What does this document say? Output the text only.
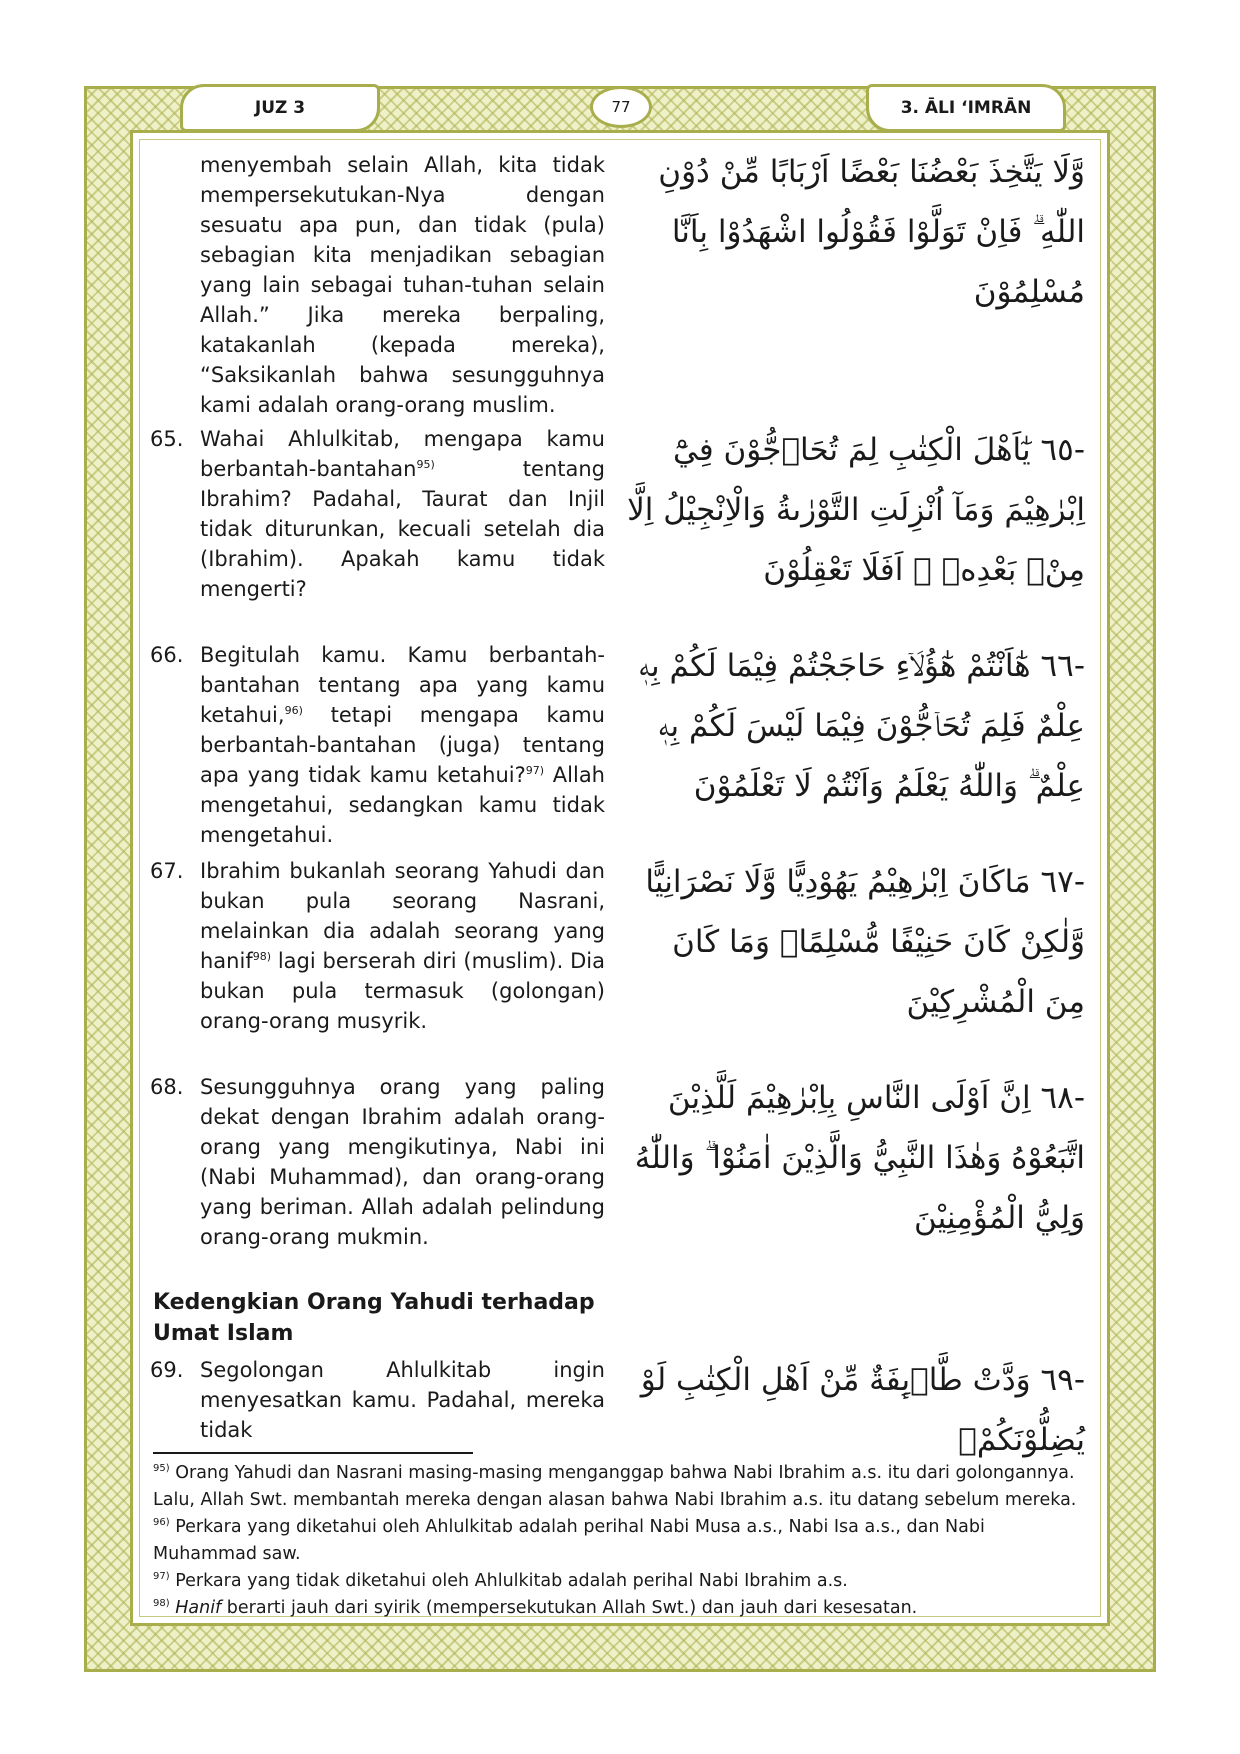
JUZ 3	77	3. ĀLI ‘IMRĀN
menyembah selain Allah, kita tidak mempersekutukan-Nya dengan sesuatu apa pun, dan tidak (pula) sebagian kita menjadikan sebagian yang lain sebagai tuhan-tuhan selain Allah.” Jika mereka berpaling, katakanlah (kepada mereka), “Saksikanlah bahwa sesungguhnya kami adalah orang-orang muslim.
وَّلَا يَتَّخِذَ بَعْضُنَا بَعْضًا اَرْبَابًا مِّنْ دُوْنِ اللّٰهِ ۗ فَاِنْ تَوَلَّوْا فَقُوْلُوا اشْهَدُوْا بِاَنَّا مُسْلِمُوْنَ
65. Wahai Ahlulkitab, mengapa kamu berbantah-bantahan$^{95)}$ tentang Ibrahim? Padahal, Taurat dan Injil tidak diturunkan, kecuali setelah dia (Ibrahim). Apakah kamu tidak mengerti?
-٦٥ يٰٓاَهْلَ الْكِتٰبِ لِمَ تُحَاۤجُّوْنَ فِيْٓ اِبْرٰهِيْمَ وَمَآ اُنْزِلَتِ التَّوْرٰىةُ وَالْاِنْجِيْلُ اِلَّا مِنْۢ بَعْدِهٖ ۗ اَفَلَا تَعْقِلُوْنَ
66. Begitulah kamu. Kamu berbantah-bantahan tentang apa yang kamu ketahui,$^{96)}$ tetapi mengapa kamu berbantah-bantahan (juga) tentang apa yang tidak kamu ketahui?$^{97)}$ Allah mengetahui, sedangkan kamu tidak mengetahui.
-٦٦ هٰٓاَنْتُمْ هٰٓؤُلَاۤءِ حَاجَجْتُمْ فِيْمَا لَكُمْ بِهٖ عِلْمٌ فَلِمَ تُحَاۤجُّوْنَ فِيْمَا لَيْسَ لَكُمْ بِهٖ عِلْمٌ ۗ وَاللّٰهُ يَعْلَمُ وَاَنْتُمْ لَا تَعْلَمُوْنَ
67. Ibrahim bukanlah seorang Yahudi dan bukan pula seorang Nasrani, melainkan dia adalah seorang yang hanif$^{98)}$ lagi berserah diri (muslim). Dia bukan pula termasuk (golongan) orang-orang musyrik.
-٦٧ مَاكَانَ اِبْرٰهِيْمُ يَهُوْدِيًّا وَّلَا نَصْرَانِيًّا وَّلٰكِنْ كَانَ حَنِيْفًا مُّسْلِمًاۗ وَمَا كَانَ مِنَ الْمُشْرِكِيْنَ
68. Sesungguhnya orang yang paling dekat dengan Ibrahim adalah orang-orang yang mengikutinya, Nabi ini (Nabi Muhammad), dan orang-orang yang beriman. Allah adalah pelindung orang-orang mukmin.
-٦٨ اِنَّ اَوْلَى النَّاسِ بِاِبْرٰهِيْمَ لَلَّذِيْنَ اتَّبَعُوْهُ وَهٰذَا النَّبِيُّ وَالَّذِيْنَ اٰمَنُوْا ۗ وَاللّٰهُ وَلِيُّ الْمُؤْمِنِيْنَ
Kedengkian Orang Yahudi terhadap Umat Islam
69. Segolongan Ahlulkitab ingin menyesatkan kamu. Padahal, mereka tidak
-٦٩ وَدَّتْ طَّاۤىِٕفَةٌ مِّنْ اَهْلِ الْكِتٰبِ لَوْ يُضِلُّوْنَكُمْۗ

$^{95)}$ Orang Yahudi dan Nasrani masing-masing menganggap bahwa Nabi Ibrahim a.s. itu dari golongannya. Lalu, Allah Swt. membantah mereka dengan alasan bahwa Nabi Ibrahim a.s. itu datang sebelum mereka.

$^{96)}$ Perkara yang diketahui oleh Ahlulkitab adalah perihal Nabi Musa a.s., Nabi Isa a.s., dan Nabi Muhammad saw.

$^{97)}$ Perkara yang tidak diketahui oleh Ahlulkitab adalah perihal Nabi Ibrahim a.s.

$^{98)}$ Hanif berarti jauh dari syirik (mempersekutukan Allah Swt.) dan jauh dari kesesatan.
